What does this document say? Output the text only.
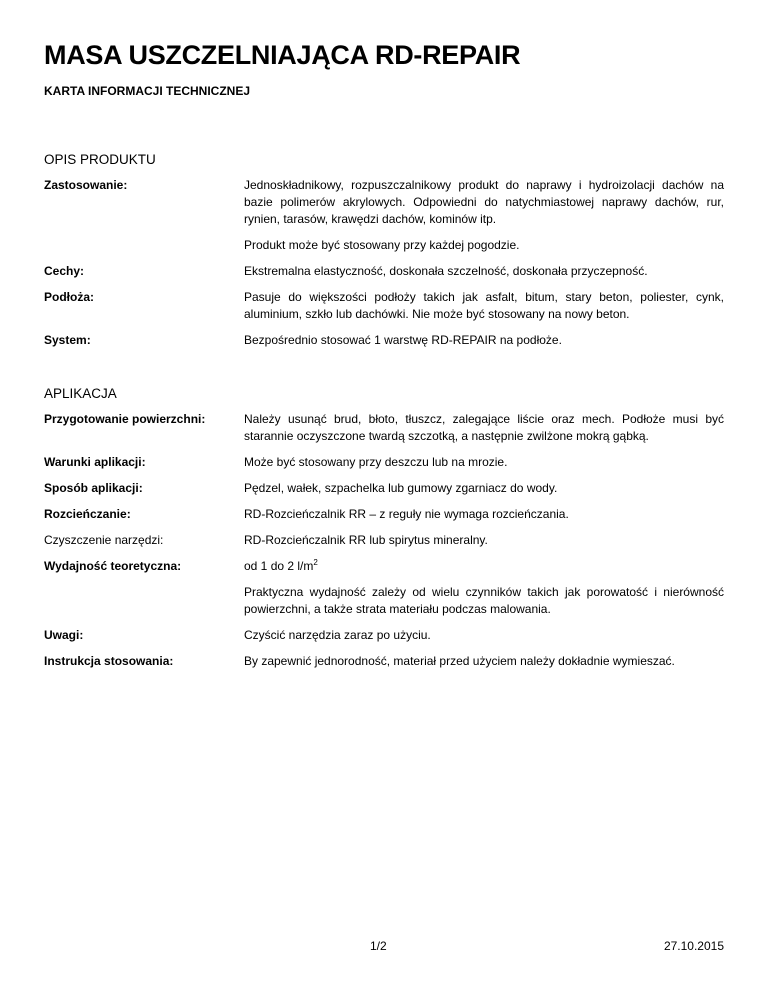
MASA USZCZELNIAJĄCA RD-REPAIR
KARTA INFORMACJI TECHNICZNEJ
OPIS PRODUKTU
Zastosowanie:	Jednoskładnikowy, rozpuszczalnikowy produkt do naprawy i hydroizolacji dachów na bazie polimerów akrylowych. Odpowiedni do natychmiastowej naprawy dachów, rur, rynien, tarasów, krawędzi dachów, kominów itp.

Produkt może być stosowany przy każdej pogodzie.

Cechy:	Ekstremalna elastyczność, doskonała szczelność, doskonała przyczepność.

Podłoża:	Pasuje do większości podłoży takich jak asfalt, bitum, stary beton, poliester, cynk, aluminium, szkło lub dachówki. Nie może być stosowany na nowy beton.

System:	Bezpośrednio stosować 1 warstwę RD-REPAIR na podłoże.

APLIKACJA
Przygotowanie powierzchni:	Należy usunąć brud, błoto, tłuszcz, zalegające liście oraz mech. Podłoże musi być starannie oczyszczone twardą szczotką, a następnie zwilżone mokrą gąbką.

Warunki aplikacji:	Może być stosowany przy deszczu lub na mrozie.

Sposób aplikacji:	Pędzel, wałek, szpachelka lub gumowy zgarniacz do wody.

Rozcieńczanie:	RD-Rozcieńczalnik RR – z reguły nie wymaga rozcieńczania.

Czyszczenie narzędzi:	RD-Rozcieńczalnik RR lub spirytus mineralny.

Wydajność teoretyczna:	od 1 do 2 $l/m^2$

Praktyczna wydajność zależy od wielu czynników takich jak porowatość i nierówność powierzchni, a także strata materiału podczas malowania.

Uwagi:	Czyścić narzędzia zaraz po użyciu.

Instrukcja stosowania:	By zapewnić jednorodność, materiał przed użyciem należy dokładnie wymieszać.

1/2	27.10.2015
